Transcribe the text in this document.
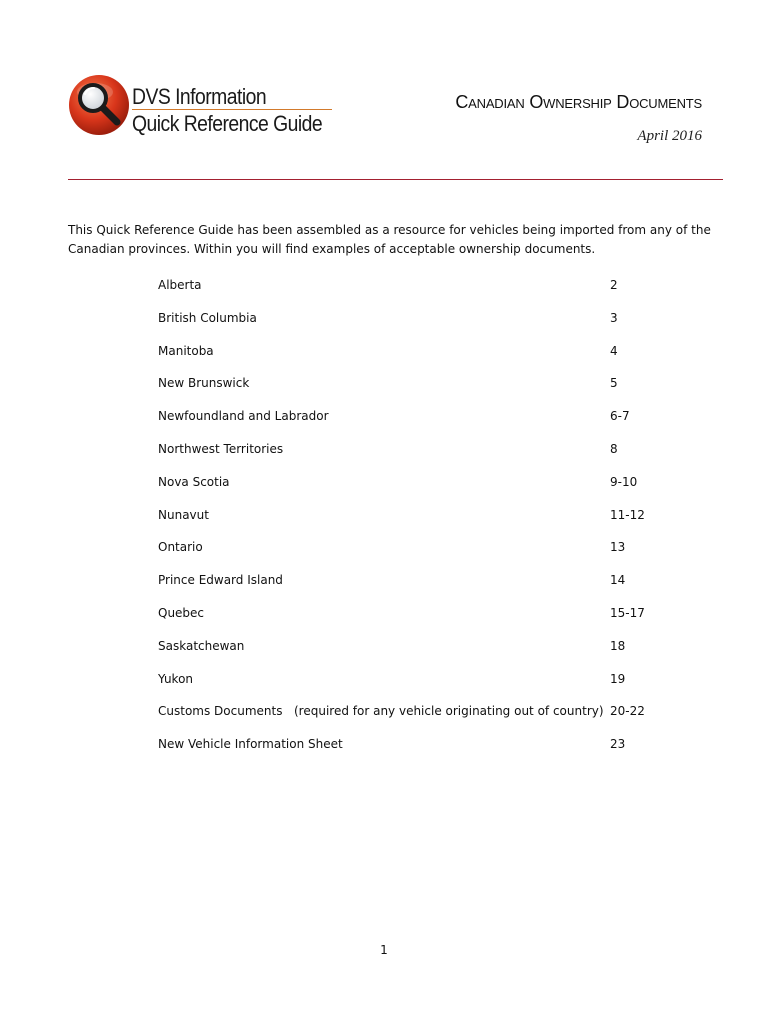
DVS Information
Quick Reference Guide
Canadian Ownership Documents
April 2016

This Quick Reference Guide has been assembled as a resource for vehicles being imported from any of the Canadian provinces. Within you will find examples of acceptable ownership documents.

Alberta	2
British Columbia	3
Manitoba	4
New Brunswick	5
Newfoundland and Labrador	6-7
Northwest Territories	8
Nova Scotia	9-10
Nunavut	11-12
Ontario	13
Prince Edward Island	14
Quebec	15-17
Saskatchewan	18
Yukon	19
Customs Documents (required for any vehicle originating out of country) 20-22
New Vehicle Information Sheet	23
1
